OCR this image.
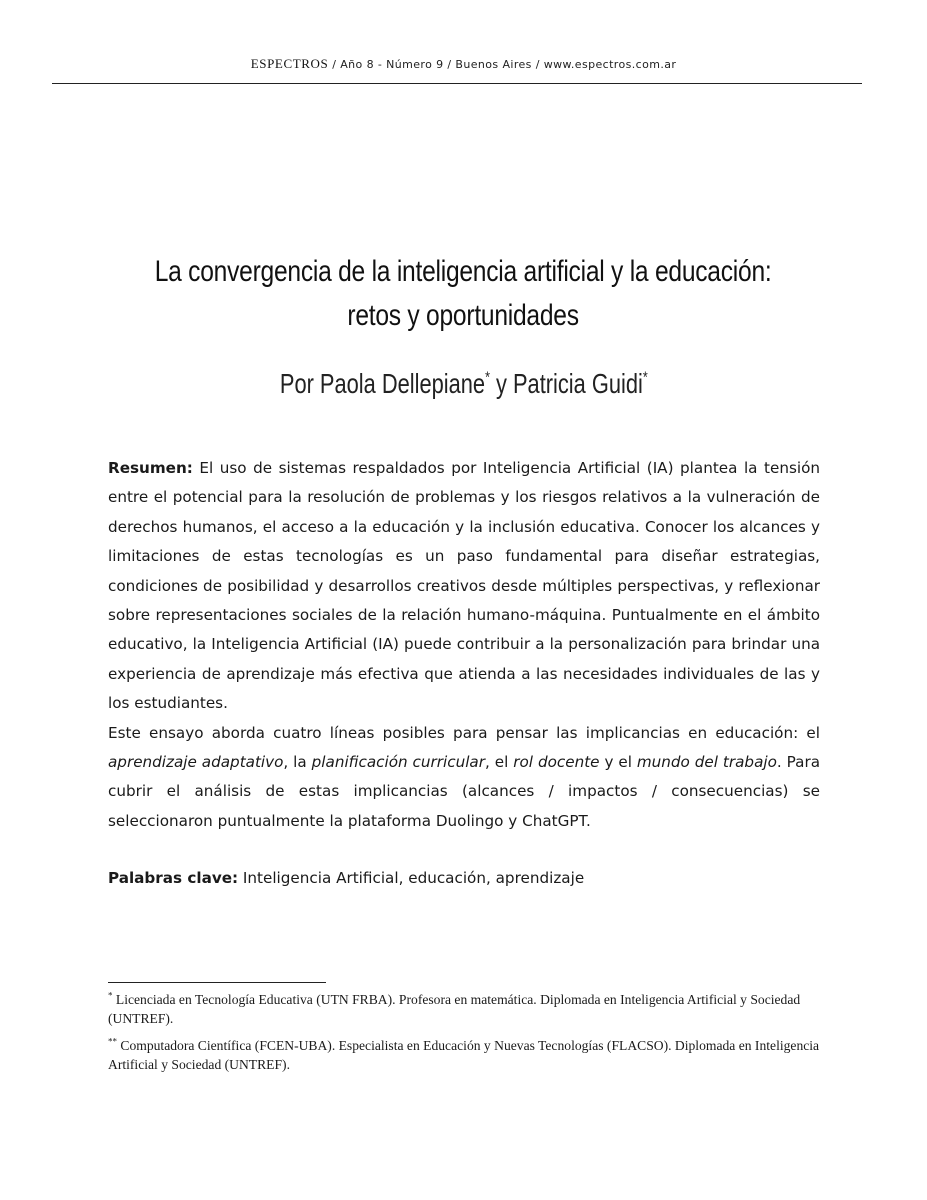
ESPECTROS / Año 8 - Número 9 / Buenos Aires / www.espectros.com.ar
La convergencia de la inteligencia artificial y la educación:
retos y oportunidades
Por Paola Dellepiane* y Patricia Guidi*

Resumen: El uso de sistemas respaldados por Inteligencia Artificial (IA) plantea la tensión entre el potencial para la resolución de problemas y los riesgos relativos a la vulneración de derechos humanos, el acceso a la educación y la inclusión educativa. Conocer los alcances y limitaciones de estas tecnologías es un paso fundamental para diseñar estrategias, condiciones de posibilidad y desarrollos creativos desde múltiples perspectivas, y reflexionar sobre representaciones sociales de la relación humano-máquina. Puntualmente en el ámbito educativo, la Inteligencia Artificial (IA) puede contribuir a la personalización para brindar una experiencia de aprendizaje más efectiva que atienda a las necesidades individuales de las y los estudiantes.

Este ensayo aborda cuatro líneas posibles para pensar las implicancias en educación: el aprendizaje adaptativo, la planificación curricular, el rol docente y el mundo del trabajo. Para cubrir el análisis de estas implicancias (alcances / impactos / consecuencias) se seleccionaron puntualmente la plataforma Duolingo y ChatGPT.

Palabras clave: Inteligencia Artificial, educación, aprendizaje

* Licenciada en Tecnología Educativa (UTN FRBA). Profesora en matemática. Diplomada en Inteligencia Artificial y Sociedad (UNTREF).

** Computadora Científica (FCEN-UBA). Especialista en Educación y Nuevas Tecnologías (FLACSO). Diplomada en Inteligencia Artificial y Sociedad (UNTREF).
